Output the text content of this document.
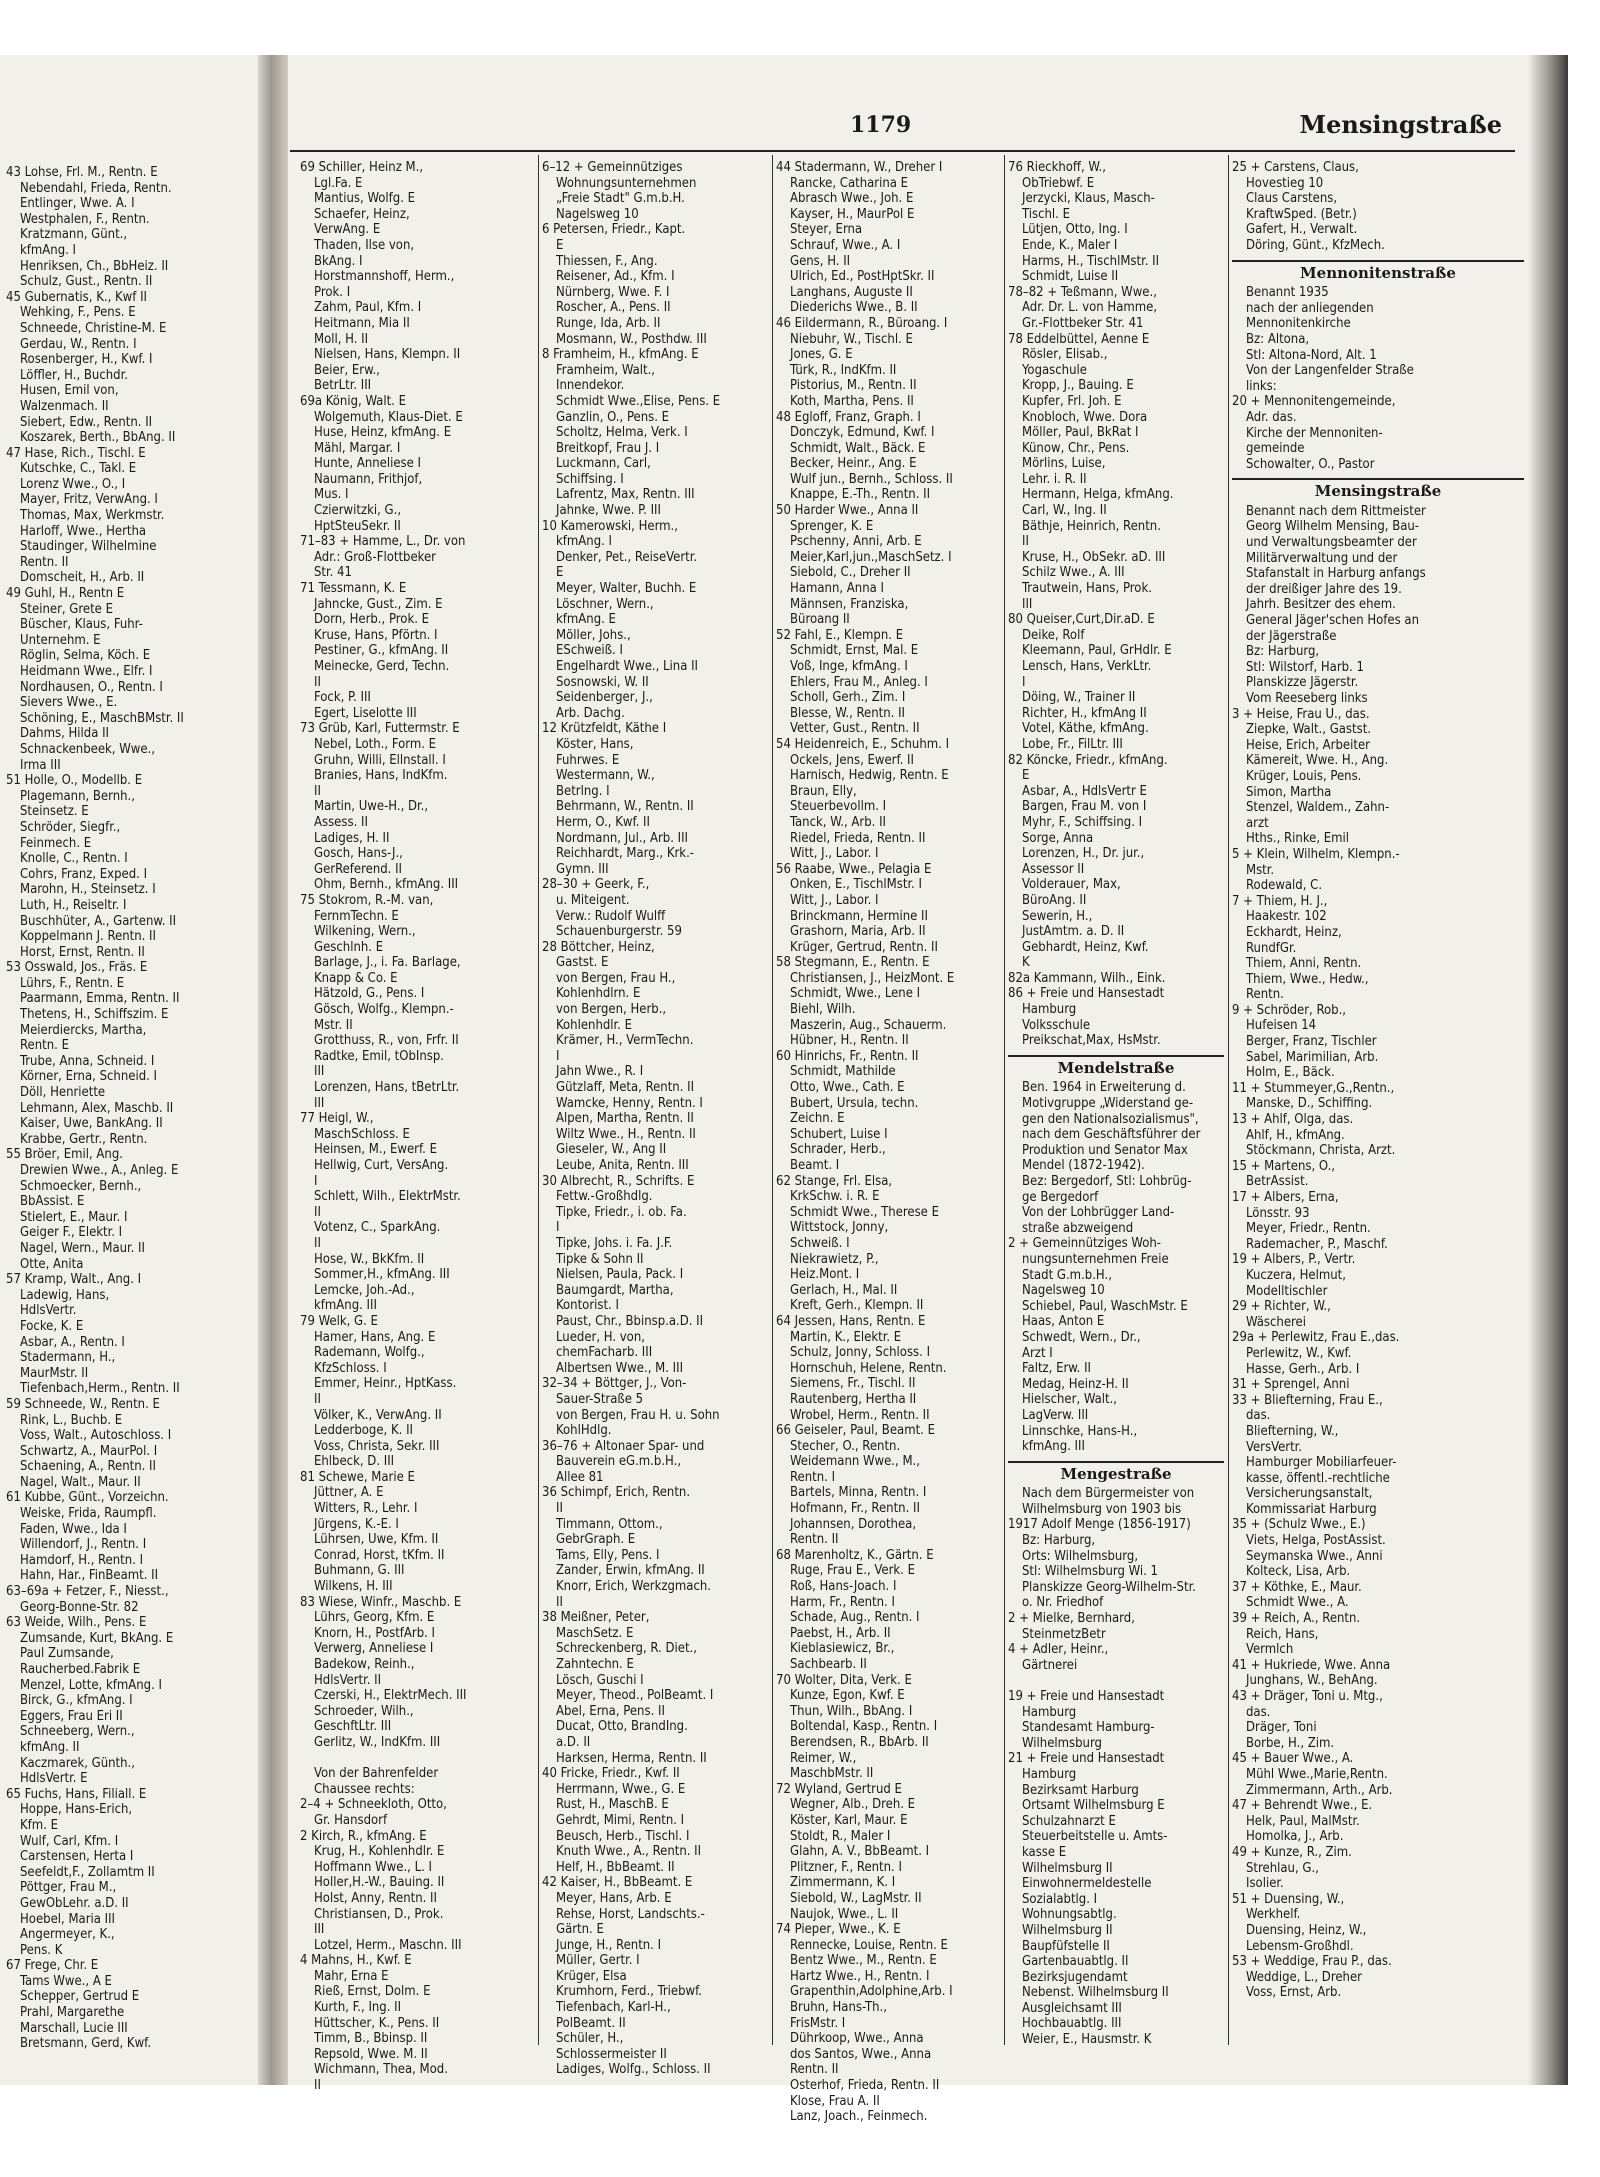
1179	Mensingstraße
43 Lohse, Frl. M., Rentn. E
Nebendahl, Frieda, Rentn.
Entlinger, Wwe. A. I
Westphalen, F., Rentn.
Kratzmann, Günt.,
kfmAng. I
Henriksen, Ch., BbHeiz. II
Schulz, Gust., Rentn. II
45 Gubernatis, K., Kwf II
Wehking, F., Pens. E
Schneede, Christine-M. E
Gerdau, W., Rentn. I
Rosenberger, H., Kwf. I
Löffler, H., Buchdr.
Husen, Emil von,
Walzenmach. II
Siebert, Edw., Rentn. II
Koszarek, Berth., BbAng. II
47 Hase, Rich., Tischl. E
Kutschke, C., Takl. E
Lorenz Wwe., O., I
Mayer, Fritz, VerwAng. I
Thomas, Max, Werkmstr.
Harloff, Wwe., Hertha
Staudinger, Wilhelmine
Rentn. II
Domscheit, H., Arb. II
49 Guhl, H., Rentn E
Steiner, Grete E
Büscher, Klaus, Fuhr-
Unternehm. E
Röglin, Selma, Köch. E
Heidmann Wwe., Elfr. I
Nordhausen, O., Rentn. I
Sievers Wwe., E.
Schöning, E., MaschBMstr. II
Dahms, Hilda II
Schnackenbeek, Wwe.,
Irma III
51 Holle, O., Modellb. E
Plagemann, Bernh.,
Steinsetz. E
Schröder, Siegfr.,
Feinmech. E
Knolle, C., Rentn. I
Cohrs, Franz, Exped. I
Marohn, H., Steinsetz. I
Luth, H., Reiseltr. I
Buschhüter, A., Gartenw. II
Koppelmann J. Rentn. II
Horst, Ernst, Rentn. II
53 Osswald, Jos., Fräs. E
Lührs, F., Rentn. E
Paarmann, Emma, Rentn. II
Thetens, H., Schiffszim. E
Meierdiercks, Martha,
Rentn. E
Trube, Anna, Schneid. I
Körner, Erna, Schneid. I
Döll, Henriette
Lehmann, Alex, Maschb. II
Kaiser, Uwe, BankAng. II
Krabbe, Gertr., Rentn.
55 Bröer, Emil, Ang.
Drewien Wwe., A., Anleg. E
Schmoecker, Bernh.,
BbAssist. E
Stielert, E., Maur. I
Geiger F., Elektr. I
Nagel, Wern., Maur. II
Otte, Anita
57 Kramp, Walt., Ang. I
Ladewig, Hans,
HdlsVertr.
Focke, K. E
Asbar, A., Rentn. I
Stadermann, H.,
MaurMstr. II
Tiefenbach,Herm., Rentn. II
59 Schneede, W., Rentn. E
Rink, L., Buchb. E
Voss, Walt., Autoschloss. I
Schwartz, A., MaurPol. I
Schaening, A., Rentn. II
Nagel, Walt., Maur. II
61 Kubbe, Günt., Vorzeichn.
Weiske, Frida, Raumpfl.
Faden, Wwe., Ida I
Willendorf, J., Rentn. I
Hamdorf, H., Rentn. I
Hahn, Har., FinBeamt. II
63–69a + Fetzer, F., Niesst.,
Georg-Bonne-Str. 82
63 Weide, Wilh., Pens. E
Zumsande, Kurt, BkAng. E
Paul Zumsande,
Raucherbed.Fabrik E
Menzel, Lotte, kfmAng. I
Birck, G., kfmAng. I
Eggers, Frau Eri II
Schneeberg, Wern.,
kfmAng. II
Kaczmarek, Günth.,
HdlsVertr. E
65 Fuchs, Hans, Filiall. E
Hoppe, Hans-Erich,
Kfm. E
Wulf, Carl, Kfm. I
Carstensen, Herta I
Seefeldt,F., Zollamtm II
Pöttger, Frau M.,
GewObLehr. a.D. II
Hoebel, Maria III
Angermeyer, K.,
Pens. K
67 Frege, Chr. E
Tams Wwe., A E
Schepper, Gertrud E
Prahl, Margarethe
Marschall, Lucie III
Bretsmann, Gerd, Kwf.
69 Schiller, Heinz M.,
Lgl.Fa. E
Mantius, Wolfg. E
Schaefer, Heinz,
VerwAng. E
Thaden, Ilse von,
BkAng. I
Horstmannshoff, Herm.,
Prok. I
Zahm, Paul, Kfm. I
Heitmann, Mia II
Moll, H. II
Nielsen, Hans, Klempn. II
Beier, Erw.,
BetrLtr. III
69a König, Walt. E
Wolgemuth, Klaus-Diet. E
Huse, Heinz, kfmAng. E
Mähl, Margar. I
Hunte, Anneliese I
Naumann, Frithjof,
Mus. I
Czierwitzki, G.,
HptSteuSekr. II
71–83 + Hamme, L., Dr. von
Adr.: Groß-Flottbeker
Str. 41
71 Tessmann, K. E
Jahncke, Gust., Zim. E
Dorn, Herb., Prok. E
Kruse, Hans, Pförtn. I
Pestiner, G., kfmAng. II
Meinecke, Gerd, Techn.
II
Fock, P. III
Egert, Liselotte III
73 Grüb, Karl, Futtermstr. E
Nebel, Loth., Form. E
Gruhn, Willi, Ellnstall. I
Branies, Hans, IndKfm.
II
Martin, Uwe-H., Dr.,
Assess. II
Ladiges, H. II
Gosch, Hans-J.,
GerReferend. II
Ohm, Bernh., kfmAng. III
75 Stokrom, R.-M. van,
FernmTechn. E
Wilkening, Wern.,
Geschlnh. E
Barlage, J., i. Fa. Barlage,
Knapp & Co. E
Hätzold, G., Pens. I
Gösch, Wolfg., Klempn.-
Mstr. II
Grotthuss, R., von, Frfr. II
Radtke, Emil, tObInsp.
III
Lorenzen, Hans, tBetrLtr.
III
77 Heigl, W.,
MaschSchloss. E
Heinsen, M., Ewerf. E
Hellwig, Curt, VersAng.
I
Schlett, Wilh., ElektrMstr.
II
Votenz, C., SparkAng.
II
Hose, W., BkKfm. II
Sommer,H., kfmAng. III
Lemcke, Joh.-Ad.,
kfmAng. III
79 Welk, G. E
Hamer, Hans, Ang. E
Rademann, Wolfg.,
KfzSchloss. I
Emmer, Heinr., HptKass.
II
Völker, K., VerwAng. II
Ledderboge, K. II
Voss, Christa, Sekr. III
Ehlbeck, D. III
81 Schewe, Marie E
Jüttner, A. E
Witters, R., Lehr. I
Jürgens, K.-E. I
Lührsen, Uwe, Kfm. II
Conrad, Horst, tKfm. II
Buhmann, G. III
Wilkens, H. III
83 Wiese, Winfr., Maschb. E
Lührs, Georg, Kfm. E
Knorn, H., PostfArb. I
Verwerg, Anneliese I
Badekow, Reinh.,
HdlsVertr. II
Czerski, H., ElektrMech. III
Schroeder, Wilh.,
GeschftLtr. III
Gerlitz, W., IndKfm. III

Von der Bahrenfelder
Chaussee rechts:
2–4 + Schneekloth, Otto,
Gr. Hansdorf
2 Kirch, R., kfmAng. E
Krug, H., Kohlenhdlr. E
Hoffmann Wwe., L. I
Holler,H.-W., Bauing. II
Holst, Anny, Rentn. II
Christiansen, D., Prok.
III
Lotzel, Herm., Maschn. III
4 Mahns, H., Kwf. E
Mahr, Erna E
Rieß, Ernst, Dolm. E
Kurth, F., Ing. II
Hüttscher, K., Pens. II
Timm, B., Bbinsp. II
Repsold, Wwe. M. II
Wichmann, Thea, Mod.
II
6–12 + Gemeinnütziges
Wohnungsunternehmen
„Freie Stadt" G.m.b.H.
Nagelsweg 10
6 Petersen, Friedr., Kapt.
E
Thiessen, F., Ang.
Reisener, Ad., Kfm. I
Nürnberg, Wwe. F. I
Roscher, A., Pens. II
Runge, Ida, Arb. II
Mosmann, W., Posthdw. III
8 Framheim, H., kfmAng. E
Framheim, Walt.,
Innendekor.
Schmidt Wwe.,Elise, Pens. E
Ganzlin, O., Pens. E
Scholtz, Helma, Verk. I
Breitkopf, Frau J. I
Luckmann, Carl,
Schiffsing. I
Lafrentz, Max, Rentn. III
Jahnke, Wwe. P. III
10 Kamerowski, Herm.,
kfmAng. I
Denker, Pet., ReiseVertr.
E
Meyer, Walter, Buchh. E
Löschner, Wern.,
kfmAng. E
Möller, Johs.,
ESchweiß. I
Engelhardt Wwe., Lina II
Sosnowski, W. II
Seidenberger, J.,
Arb. Dachg.
12 Krützfeldt, Käthe I
Köster, Hans,
Fuhrwes. E
Westermann, W.,
Betrlng. I
Behrmann, W., Rentn. II
Herm, O., Kwf. II
Nordmann, Jul., Arb. III
Reichhardt, Marg., Krk.-
Gymn. III
28–30 + Geerk, F.,
u. Miteigent.
Verw.: Rudolf Wulff
Schauenburgerstr. 59
28 Böttcher, Heinz,
Gastst. E
von Bergen, Frau H.,
Kohlenhdlrn. E
von Bergen, Herb.,
Kohlenhdlr. E
Krämer, H., VermTechn.
I
Jahn Wwe., R. I
Gützlaff, Meta, Rentn. II
Wamcke, Henny, Rentn. I
Alpen, Martha, Rentn. II
Wiltz Wwe., H., Rentn. II
Gieseler, W., Ang II
Leube, Anita, Rentn. III
30 Albrecht, R., Schrifts. E
Fettw.-Großhdlg.
Tipke, Friedr., i. ob. Fa.
I
Tipke, Johs. i. Fa. J.F.
Tipke & Sohn II
Nielsen, Paula, Pack. I
Baumgardt, Martha,
Kontorist. I
Paust, Chr., Bbinsp.a.D. II
Lueder, H. von,
chemFacharb. III
Albertsen Wwe., M. III
32–34 + Böttger, J., Von-
Sauer-Straße 5
von Bergen, Frau H. u. Sohn
KohlHdlg.
36–76 + Altonaer Spar- und
Bauverein eG.m.b.H.,
Allee 81
36 Schimpf, Erich, Rentn.
II
Timmann, Ottom.,
GebrGraph. E
Tams, Elly, Pens. I
Zander, Erwin, kfmAng. II
Knorr, Erich, Werkzgmach.
II
38 Meißner, Peter,
MaschSetz. E
Schreckenberg, R. Diet.,
Zahntechn. E
Lösch, Guschi I
Meyer, Theod., PolBeamt. I
Abel, Erna, Pens. II
Ducat, Otto, BrandIng.
a.D. II
Harksen, Herma, Rentn. II
40 Fricke, Friedr., Kwf. II
Herrmann, Wwe., G. E
Rust, H., MaschB. E
Gehrdt, Mimi, Rentn. I
Beusch, Herb., Tischl. I
Knuth Wwe., A., Rentn. II
Helf, H., BbBeamt. II
42 Kaiser, H., BbBeamt. E
Meyer, Hans, Arb. E
Rehse, Horst, Landschts.-
Gärtn. E
Junge, H., Rentn. I
Müller, Gertr. I
Krüger, Elsa
Krumhorn, Ferd., Triebwf.
Tiefenbach, Karl-H.,
PolBeamt. II
Schüler, H.,
Schlossermeister II
Ladiges, Wolfg., Schloss. II
44 Stadermann, W., Dreher I
Rancke, Catharina E
Abrasch Wwe., Joh. E
Kayser, H., MaurPol E
Steyer, Erna
Schrauf, Wwe., A. I
Gens, H. II
Ulrich, Ed., PostHptSkr. II
Langhans, Auguste II
Diederichs Wwe., B. II
46 Eildermann, R., Büroang. I
Niebuhr, W., Tischl. E
Jones, G. E
Türk, R., IndKfm. II
Pistorius, M., Rentn. II
Koth, Martha, Pens. II
48 Egloff, Franz, Graph. I
Donczyk, Edmund, Kwf. I
Schmidt, Walt., Bäck. E
Becker, Heinr., Ang. E
Wulf jun., Bernh., Schloss. II
Knappe, E.-Th., Rentn. II
50 Harder Wwe., Anna II
Sprenger, K. E
Pschenny, Anni, Arb. E
Meier,Karl,jun.,MaschSetz. I
Siebold, C., Dreher II
Hamann, Anna I
Männsen, Franziska,
Büroang II
52 Fahl, E., Klempn. E
Schmidt, Ernst, Mal. E
Voß, Inge, kfmAng. I
Ehlers, Frau M., Anleg. I
Scholl, Gerh., Zim. I
Blesse, W., Rentn. II
Vetter, Gust., Rentn. II
54 Heidenreich, E., Schuhm. I
Ockels, Jens, Ewerf. II
Harnisch, Hedwig, Rentn. E
Braun, Elly,
Steuerbevollm. I
Tanck, W., Arb. II
Riedel, Frieda, Rentn. II
Witt, J., Labor. I
56 Raabe, Wwe., Pelagia E
Onken, E., TischlMstr. I
Witt, J., Labor. I
Brinckmann, Hermine II
Grashorn, Maria, Arb. II
Krüger, Gertrud, Rentn. II
58 Stegmann, E., Rentn. E
Christiansen, J., HeizMont. E
Schmidt, Wwe., Lene I
Biehl, Wilh.
Maszerin, Aug., Schauerm.
Hübner, H., Rentn. II
60 Hinrichs, Fr., Rentn. II
Schmidt, Mathilde
Otto, Wwe., Cath. E
Bubert, Ursula, techn.
Zeichn. E
Schubert, Luise I
Schrader, Herb.,
Beamt. I
62 Stange, Frl. Elsa,
KrkSchw. i. R. E
Schmidt Wwe., Therese E
Wittstock, Jonny,
Schweiß. I
Niekrawietz, P.,
Heiz.Mont. I
Gerlach, H., Mal. II
Kreft, Gerh., Klempn. II
64 Jessen, Hans, Rentn. E
Martin, K., Elektr. E
Schulz, Jonny, Schloss. I
Hornschuh, Helene, Rentn.
Siemens, Fr., Tischl. II
Rautenberg, Hertha II
Wrobel, Herm., Rentn. II
66 Geiseler, Paul, Beamt. E
Stecher, O., Rentn.
Weidemann Wwe., M.,
Rentn. I
Bartels, Minna, Rentn. I
Hofmann, Fr., Rentn. II
Johannsen, Dorothea,
Rentn. II
68 Marenholtz, K., Gärtn. E
Ruge, Frau E., Verk. E
Roß, Hans-Joach. I
Harm, Fr., Rentn. I
Schade, Aug., Rentn. I
Paebst, H., Arb. II
Kieblasiewicz, Br.,
Sachbearb. II
70 Wolter, Dita, Verk. E
Kunze, Egon, Kwf. E
Thun, Wilh., BbAng. I
Boltendal, Kasp., Rentn. I
Berendsen, R., BbArb. II
Reimer, W.,
MaschbMstr. II
72 Wyland, Gertrud E
Wegner, Alb., Dreh. E
Köster, Karl, Maur. E
Stoldt, R., Maler I
Glahn, A. V., BbBeamt. I
Plitzner, F., Rentn. I
Zimmermann, K. I
Siebold, W., LagMstr. II
Naujok, Wwe., L. II
74 Pieper, Wwe., K. E
Rennecke, Louise, Rentn. E
Bentz Wwe., M., Rentn. E
Hartz Wwe., H., Rentn. I
Grapenthin,Adolphine,Arb. I
Bruhn, Hans-Th.,
FrisMstr. I
Dührkoop, Wwe., Anna
dos Santos, Wwe., Anna
Rentn. II
Osterhof, Frieda, Rentn. II
Klose, Frau A. II
Lanz, Joach., Feinmech.
76 Rieckhoff, W.,
ObTriebwf. E
Jerzycki, Klaus, Masch-
Tischl. E
Lütjen, Otto, Ing. I
Ende, K., Maler I
Harms, H., TischlMstr. II
Schmidt, Luise II
78–82 + Teßmann, Wwe.,
Adr. Dr. L. von Hamme,
Gr.-Flottbeker Str. 41
78 Eddelbüttel, Aenne E
Rösler, Elisab.,
Yogaschule
Kropp, J., Bauing. E
Kupfer, Frl. Joh. E
Knobloch, Wwe. Dora
Möller, Paul, BkRat I
Künow, Chr., Pens.
Mörlins, Luise,
Lehr. i. R. II
Hermann, Helga, kfmAng.
Carl, W., Ing. II
Bäthje, Heinrich, Rentn.
II
Kruse, H., ObSekr. aD. III
Schilz Wwe., A. III
Trautwein, Hans, Prok.
III
80 Queiser,Curt,Dir.aD. E
Deike, Rolf
Kleemann, Paul, GrHdlr. E
Lensch, Hans, VerkLtr.
I
Döing, W., Trainer II
Richter, H., kfmAng II
Votel, Käthe, kfmAng.
Lobe, Fr., FilLtr. III
82 Köncke, Friedr., kfmAng.
E
Asbar, A., HdlsVertr E
Bargen, Frau M. von I
Myhr, F., Schiffsing. I
Sorge, Anna
Lorenzen, H., Dr. jur.,
Assessor II
Volderauer, Max,
BüroAng. II
Sewerin, H.,
JustAmtm. a. D. II
Gebhardt, Heinz, Kwf.
K
82a Kammann, Wilh., Eink.
86 + Freie und Hansestadt
Hamburg
Volksschule
Preikschat,Max, HsMstr.
Mendelstraße
Ben. 1964 in Erweiterung d.
Motivgruppe „Widerstand ge-
gen den Nationalsozialismus",
nach dem Geschäftsführer der
Produktion und Senator Max
Mendel (1872-1942).
Bez: Bergedorf, Stl: Lohbrüg-
ge Bergedorf
Von der Lohbrügger Land-
straße abzweigend
2 + Gemeinnütziges Woh-
nungsunternehmen Freie
Stadt G.m.b.H.,
Nagelsweg 10
Schiebel, Paul, WaschMstr. E
Haas, Anton E
Schwedt, Wern., Dr.,
Arzt I
Faltz, Erw. II
Medag, Heinz-H. II
Hielscher, Walt.,
LagVerw. III
Linnschke, Hans-H.,
kfmAng. III
Mengestraße
Nach dem Bürgermeister von
Wilhelmsburg von 1903 bis
1917 Adolf Menge (1856-1917)
Bz: Harburg,
Orts: Wilhelmsburg,
Stl: Wilhelmsburg Wi. 1
Planskizze Georg-Wilhelm-Str.
o. Nr. Friedhof
2 + Mielke, Bernhard,
SteinmetzBetr
4 + Adler, Heinr.,
Gärtnerei

19 + Freie und Hansestadt
Hamburg
Standesamt Hamburg-
Wilhelmsburg
21 + Freie und Hansestadt
Hamburg
Bezirksamt Harburg
Ortsamt Wilhelmsburg E
Schulzahnarzt E
Steuerbeitstelle u. Amts-
kasse E
Wilhelmsburg II
Einwohnermeldestelle
Sozialabtlg. I
Wohnungsabtlg.
Wilhelmsburg II
Baupfüfstelle II
Gartenbauabtlg. II
Bezirksjugendamt
Nebenst. Wilhelmsburg II
Ausgleichsamt III
Hochbauabtlg. III
Weier, E., Hausmstr. K
25 + Carstens, Claus,
Hovestieg 10
Claus Carstens,
KraftwSped. (Betr.)
Gafert, H., Verwalt.
Döring, Günt., KfzMech.
Mennonitenstraße
Benannt 1935
nach der anliegenden
Mennonitenkirche
Bz: Altona,
Stl: Altona-Nord, Alt. 1
Von der Langenfelder Straße
links:
20 + Mennonitengemeinde,
Adr. das.
Kirche der Mennoniten-
gemeinde
Schowalter, O., Pastor
Mensingstraße
Benannt nach dem Rittmeister
Georg Wilhelm Mensing, Bau-
und Verwaltungsbeamter der
Militärverwaltung und der
Stafanstalt in Harburg anfangs
der dreißiger Jahre des 19.
Jahrh. Besitzer des ehem.
General Jäger'schen Hofes an
der Jägerstraße
Bz: Harburg,
Stl: Wilstorf, Harb. 1
Planskizze Jägerstr.
Vom Reeseberg links
3 + Heise, Frau U., das.
Ziepke, Walt., Gastst.
Heise, Erich, Arbeiter
Kämereit, Wwe. H., Ang.
Krüger, Louis, Pens.
Simon, Martha
Stenzel, Waldem., Zahn-
arzt
Hths., Rinke, Emil
5 + Klein, Wilhelm, Klempn.-
Mstr.
Rodewald, C.
7 + Thiem, H. J.,
Haakestr. 102
Eckhardt, Heinz,
RundfGr.
Thiem, Anni, Rentn.
Thiem, Wwe., Hedw.,
Rentn.
9 + Schröder, Rob.,
Hufeisen 14
Berger, Franz, Tischler
Sabel, Marimilian, Arb.
Holm, E., Bäck.
11 + Stummeyer,G.,Rentn.,
Manske, D., Schiffing.
13 + Ahlf, Olga, das.
Ahlf, H., kfmAng.
Stöckmann, Christa, Arzt.
15 + Martens, O.,
BetrAssist.
17 + Albers, Erna,
Lönsstr. 93
Meyer, Friedr., Rentn.
Rademacher, P., Maschf.
19 + Albers, P., Vertr.
Kuczera, Helmut,
Modelltischler
29 + Richter, W.,
Wäscherei
29a + Perlewitz, Frau E.,das.
Perlewitz, W., Kwf.
Hasse, Gerh., Arb. I
31 + Sprengel, Anni
33 + Bliefterning, Frau E.,
das.
Bliefterning, W.,
VersVertr.
Hamburger Mobiliarfeuer-
kasse, öffentl.-rechtliche
Versicherungsanstalt,
Kommissariat Harburg
35 + (Schulz Wwe., E.)
Viets, Helga, PostAssist.
Seymanska Wwe., Anni
Kolteck, Lisa, Arb.
37 + Köthke, E., Maur.
Schmidt Wwe., A.
39 + Reich, A., Rentn.
Reich, Hans,
Vermlch
41 + Hukriede, Wwe. Anna
Junghans, W., BehAng.
43 + Dräger, Toni u. Mtg.,
das.
Dräger, Toni
Borbe, H., Zim.
45 + Bauer Wwe., A.
Mühl Wwe.,Marie,Rentn.
Zimmermann, Arth., Arb.
47 + Behrendt Wwe., E.
Helk, Paul, MalMstr.
Homolka, J., Arb.
49 + Kunze, R., Zim.
Strehlau, G.,
Isolier.
51 + Duensing, W.,
Werkhelf.
Duensing, Heinz, W.,
Lebensm-Großhdl.
53 + Weddige, Frau P., das.
Weddige, L., Dreher
Voss, Ernst, Arb.
